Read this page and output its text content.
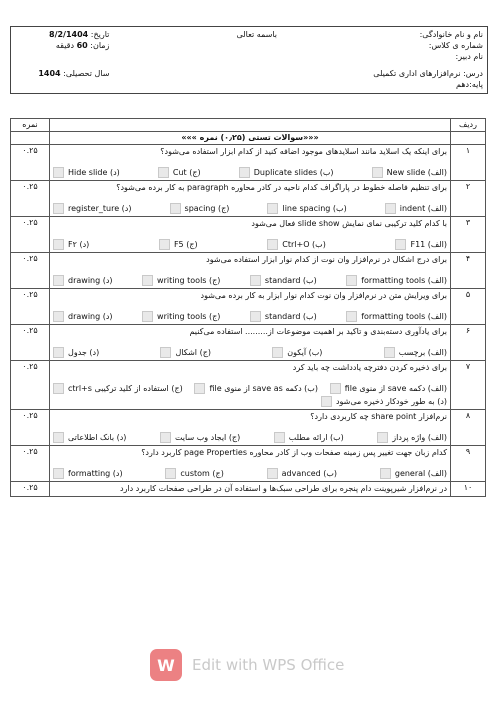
نام و نام خانوادگی:
شماره ی کلاس:
نام دبیر:
درس: نرم‌افزارهای اداری تکمیلی
پایه:دهم
باسمه تعالی
تاریخ: 8/2/1404
زمان: 60 دقیقه
سال تحصیلی: 1404
ردیف		نمره
	«««سوالات تستی (۰٫۲۵) نمره »»»	
۱	برای اینکه یک اسلاید مانند اسلایدهای موجود اضافه کنید از کدام ابزار استفاده می‌شود؟
(الف) New slide
(ب) Duplicate slides
(ج) Cut
(د) Hide slide	۰.۲۵
۲	برای تنظیم فاصله خطوط در پاراگراف کدام ناحیه در کادر محاوره paragraph به کار برده می‌شود؟
(الف) indent
(ب) line spacing
(ج) spacing
(د) register_ture	۰.۲۵
۳	با کدام کلید ترکیبی نمای نمایش slide show فعال می‌شود
(الف) F11
(ب) Ctrl+O
(ج) F5
(د) F۲	۰.۲۵
۴	برای درج اشکال در نرم‌افزار وان نوت از کدام نوار ابزار استفاده می‌شود
(الف) formatting tools
(ب) standard
(ج) writing tools
(د) drawing	۰.۲۵
۵	برای ویرایش متن در نرم‌افزار وان نوت کدام نوار ابزار به کار برده می‌شود
(الف) formatting tools
(ب) standard
(ج) writing tools
(د) drawing	۰.۲۵
۶	برای یادآوری دسته‌بندی و تاکید بر اهمیت موضوعات از......... استفاده می‌کنیم
(الف) برچسب
(ب) آیکون
(ج) اشکال
(د) جدول	۰.۲۵
۷	برای ذخیره کردن دفترچه یادداشت چه باید کرد
(الف) دکمه save از منوی file
(ب) دکمه save as از منوی file
(ج) استفاده از کلید ترکیبی ctrl+s
(د) به طور خودکار ذخیره می‌شود	۰.۲۵
۸	نرم‌افزار share point چه کاربردی دارد؟
(الف) واژه پرداز
(ب) ارائه مطلب
(ج) ایجاد وب سایت
(د) بانک اطلاعاتی	۰.۲۵
۹	کدام زبان جهت تغییر پس زمینه صفحات وب از کادر محاوره page Properties کاربرد دارد؟
(الف) general
(ب) advanced
(ج) custom
(د) formatting	۰.۲۵
۱۰	در نرم‌افزار شیرپوینت دام پنجره برای طراحی سبک‌ها و استفاده آن در طراحی صفحات کاربرد دارد	۰.۲۵
W	Edit with WPS Office
